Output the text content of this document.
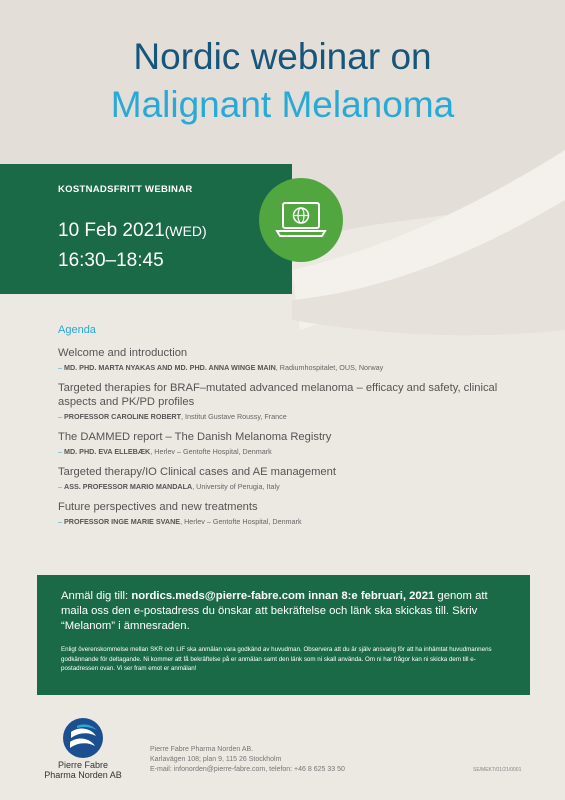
Nordic webinar on
Malignant Melanoma
KOSTNADSFRITT WEBINAR
10 Feb 2021(WED)
16:30–18:45
Agenda
Welcome and introduction
– MD. PHD. MARTA NYAKAS AND MD. PHD. ANNA WINGE MAIN, Radiumhospitalet, OUS, Norway
Targeted therapies for BRAF–mutated advanced melanoma – efficacy and safety, clinical aspects and PK/PD profiles
– PROFESSOR CAROLINE ROBERT, Institut Gustave Roussy, France
The DAMMED report – The Danish Melanoma Registry
– MD. PHD. EVA ELLEBÆK, Herlev – Gentofte Hospital, Denmark
Targeted therapy/IO Clinical cases and AE management
– ASS. PROFESSOR MARIO MANDALA, University of Perugia, Italy
Future perspectives and new treatments
– PROFESSOR INGE MARIE SVANE, Herlev – Gentofte Hospital, Denmark
Anmäl dig till: nordics.meds@pierre-fabre.com innan 8:e februari, 2021 genom att maila oss den e-postadress du önskar att bekräftelse och länk ska skickas till. Skriv “Melanom” i ämnesraden.
Enligt överenskommelse mellan SKR och LIF ska anmälan vara godkänd av huvudman. Observera att du är själv ansvarig för att ha inhämtat huvudmannens godkännande för deltagande. Ni kommer att få bekräftelse på er anmälan samt den länk som ni skall använda. Om ni har frågor kan ni skicka dem till e-postadressen ovan. Vi ser fram emot er anmälan!
Pierre Fabre
Pharma Norden AB
Pierre Fabre Pharma Norden AB.
Karlavägen 108; plan 9, 115 26 Stockholm
E-mail: infonorden@pierre-fabre.com, telefon: +46 8 625 33 50	SE/MEKT/01/21/0001
